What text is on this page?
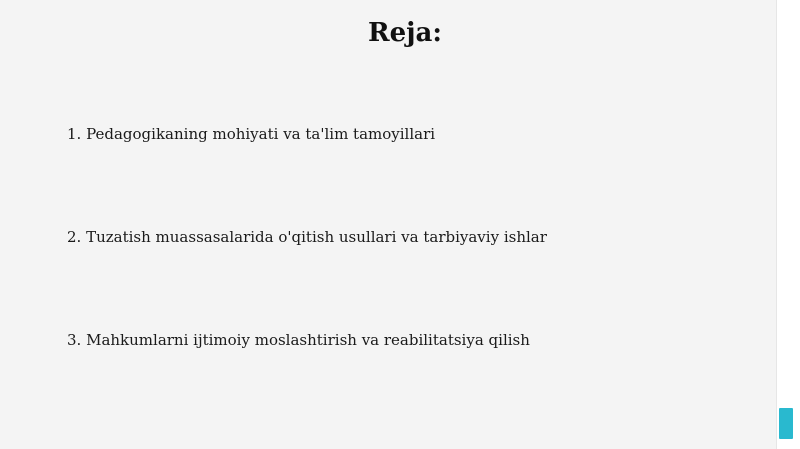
Reja:
1. Pedagogikaning mohiyati va ta'lim tamoyillari
2. Tuzatish muassasalarida o'qitish usullari va tarbiyaviy ishlar
3. Mahkumlarni ijtimoiy moslashtirish va reabilitatsiya qilish
